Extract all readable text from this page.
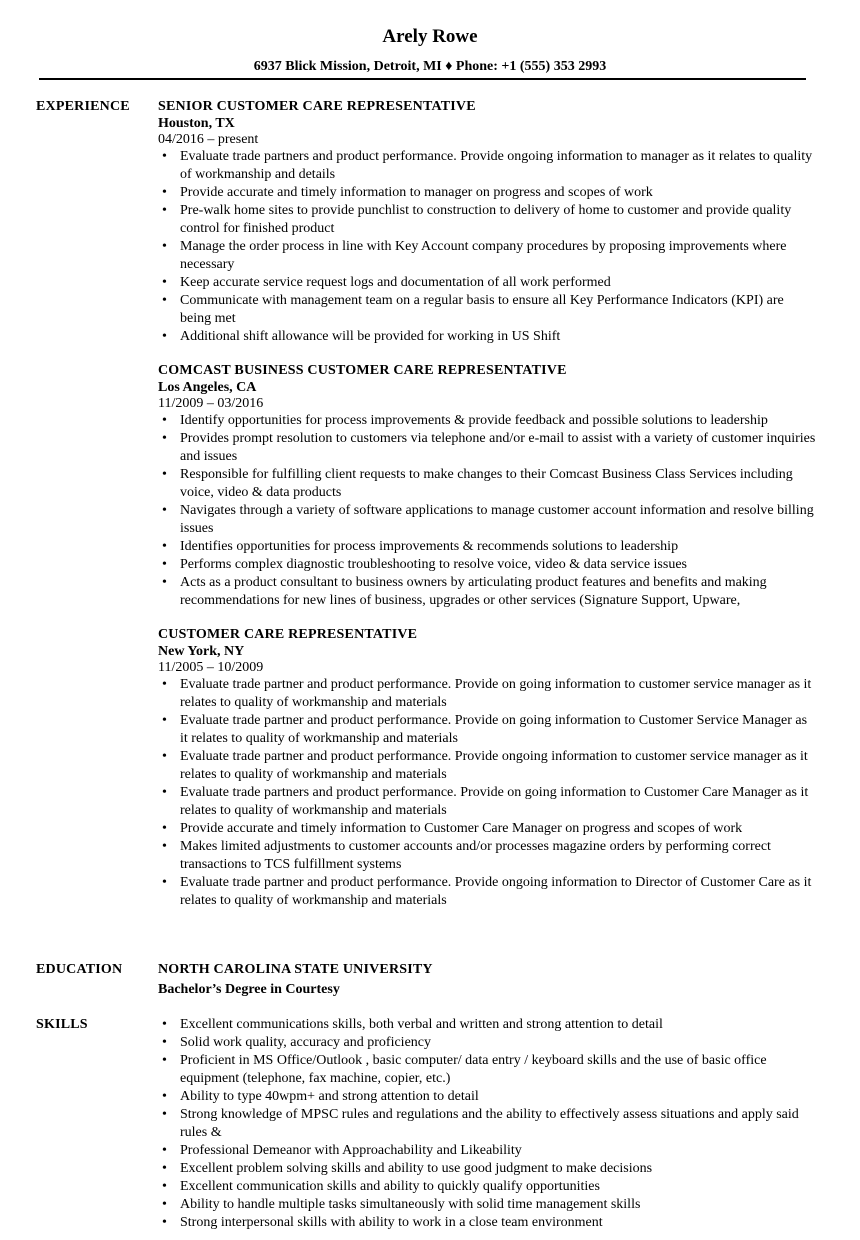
Arely Rowe
6937 Blick Mission, Detroit, MI ♦ Phone: +1 (555) 353 2993
EXPERIENCE SENIOR CUSTOMER CARE REPRESENTATIVE
Houston, TX
04/2016 – present
• Evaluate trade partners and product performance. Provide ongoing information to manager as it relates to quality of workmanship and details
• Provide accurate and timely information to manager on progress and scopes of work
• Pre-walk home sites to provide punchlist to construction to delivery of home to customer and provide quality control for finished product
• Manage the order process in line with Key Account company procedures by proposing improvements where necessary
• Keep accurate service request logs and documentation of all work performed
• Communicate with management team on a regular basis to ensure all Key Performance Indicators (KPI) are being met
• Additional shift allowance will be provided for working in US Shift
COMCAST BUSINESS CUSTOMER CARE REPRESENTATIVE
Los Angeles, CA
11/2009 – 03/2016
• Identify opportunities for process improvements & provide feedback and possible solutions to leadership
• Provides prompt resolution to customers via telephone and/or e-mail to assist with a variety of customer inquiries and issues
• Responsible for fulfilling client requests to make changes to their Comcast Business Class Services including voice, video & data products
• Navigates through a variety of software applications to manage customer account information and resolve billing issues
• Identifies opportunities for process improvements & recommends solutions to leadership
• Performs complex diagnostic troubleshooting to resolve voice, video & data service issues
• Acts as a product consultant to business owners by articulating product features and benefits and making recommendations for new lines of business, upgrades or other services (Signature Support, Upware,
CUSTOMER CARE REPRESENTATIVE
New York, NY
11/2005 – 10/2009
• Evaluate trade partner and product performance. Provide on going information to customer service manager as it relates to quality of workmanship and materials
• Evaluate trade partner and product performance. Provide on going information to Customer Service Manager as it relates to quality of workmanship and materials
• Evaluate trade partner and product performance. Provide ongoing information to customer service manager as it relates to quality of workmanship and materials
• Evaluate trade partners and product performance. Provide on going information to Customer Care Manager as it relates to quality of workmanship and materials
• Provide accurate and timely information to Customer Care Manager on progress and scopes of work
• Makes limited adjustments to customer accounts and/or processes magazine orders by performing correct transactions to TCS fulfillment systems
• Evaluate trade partner and product performance. Provide ongoing information to Director of Customer Care as it relates to quality of workmanship and materials
EDUCATION	NORTH CAROLINA STATE UNIVERSITY
Bachelor’s Degree in Courtesy
SKILLS	• Excellent communications skills, both verbal and written and strong attention to detail
• Solid work quality, accuracy and proficiency
• Proficient in MS Office/Outlook , basic computer/ data entry / keyboard skills and the use of basic office equipment (telephone, fax machine, copier, etc.)
• Ability to type 40wpm+ and strong attention to detail
• Strong knowledge of MPSC rules and regulations and the ability to effectively assess situations and apply said rules &
• Professional Demeanor with Approachability and Likeability
• Excellent problem solving skills and ability to use good judgment to make decisions
• Excellent communication skills and ability to quickly qualify opportunities
• Ability to handle multiple tasks simultaneously with solid time management skills
• Strong interpersonal skills with ability to work in a close team environment
